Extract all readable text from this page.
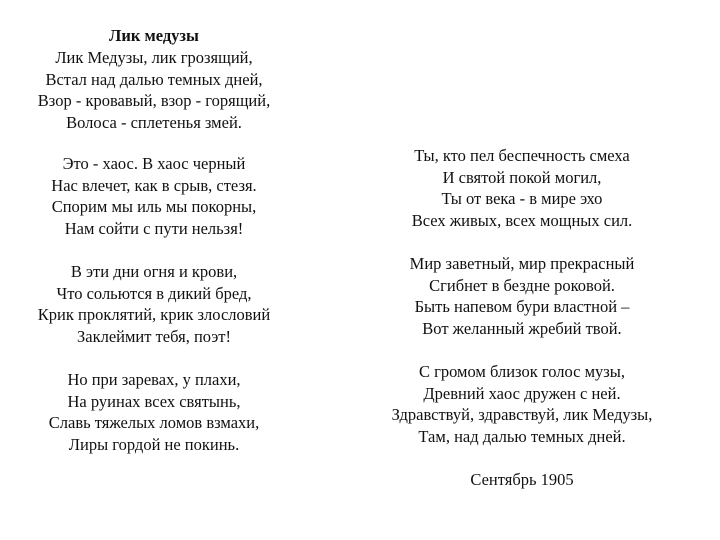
Лик медузы
Лик Медузы, лик грозящий,
Встал над далью темных дней,
Взор - кровавый, взор - горящий,
Волоса - сплетенья змей.
Это - хаос. В хаос черный
Нас влечет, как в срыв, стезя.
Спорим мы иль мы покорны,
Нам сойти с пути нельзя!
В эти дни огня и крови,
Что сольются в дикий бред,
Крик проклятий, крик злословий
Заклеймит тебя, поэт!
Но при заревах, у плахи,
На руинах всех святынь,
Славь тяжелых ломов взмахи,
Лиры гордой не покинь.
Ты, кто пел беспечность смеха
И святой покой могил,
Ты от века - в мире эхо
Всех живых, всех мощных сил.
Мир заветный, мир прекрасный
Сгибнет в бездне роковой.
Быть напевом бури властной –
Вот желанный жребий твой.
С громом близок голос музы,
Древний хаос дружен с ней.
Здравствуй, здравствуй, лик Медузы,
Там, над далью темных дней.
Сентябрь 1905
